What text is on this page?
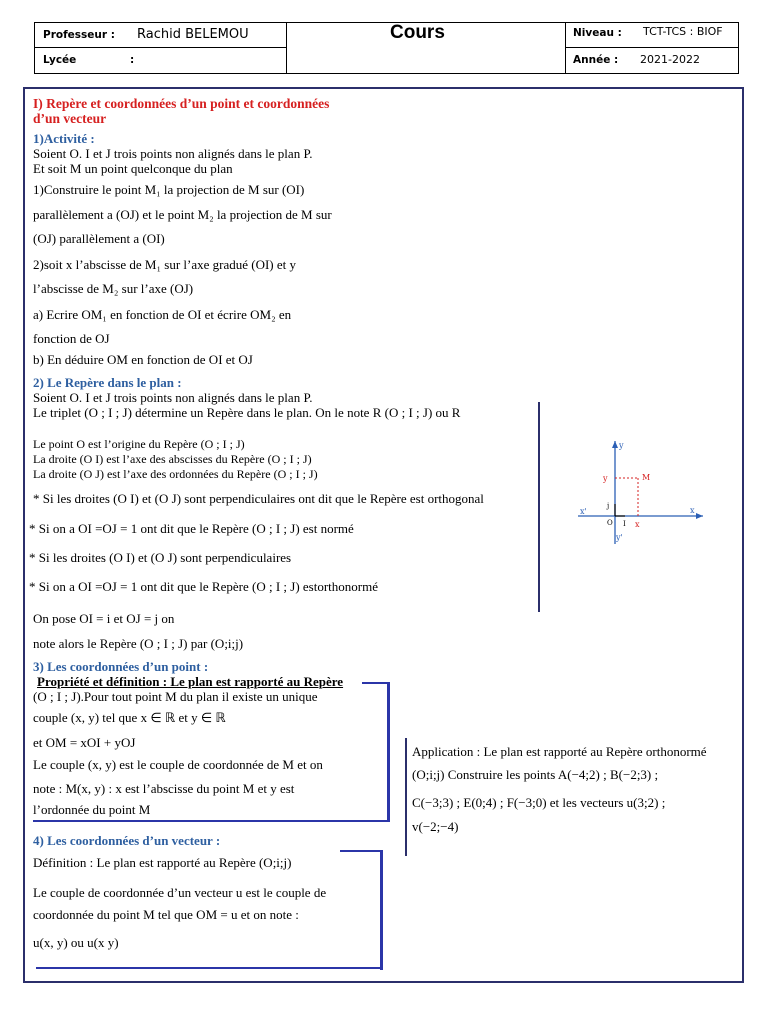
Professeur : Rachid BELEMOU
Lycée	:
Cours	Niveau : TCT-TCS : BIOF
Année : 2021-2022
I) Repère et coordonnées d’un point et coordonnées
d’un vecteur
1)Activité :
Soient O. I et J trois points non alignés dans le plan P.
Et soit M un point quelconque du plan
1)Construire le point M₁ la projection de M sur (OI)
parallèlement a (OJ) et le point M₂ la projection de M sur
(OJ) parallèlement a (OI)
2)soit x l’abscisse de M₁ sur l’axe gradué (OI) et y
l’abscisse de M₂ sur l’axe (OJ)
a) Ecrire OM₁ en fonction de OI et écrire OM₂ en
fonction de OJ
b) En déduire OM en fonction de OI et OJ
2) Le Repère dans le plan :
Soient O. I et J trois points non alignés dans le plan P.
Le triplet (O ; I ; J) détermine un Repère dans le plan. On le note R (O ; I ; J) ou R
Le point O est l’origine du Repère (O ; I ; J)
La droite (O I) est l’axe des abscisses du Repère (O ; I ; J)
La droite (O J) est l’axe des ordonnées du Repère (O ; I ; J)
* Si les droites (O I) et (O J) sont perpendiculaires ont dit que le Repère est orthogonal
* Si on a OI =OJ = 1 ont dit que le Repère (O ; I ; J) est normé
* Si les droites (O I) et (O J) sont perpendiculaires
* Si on a OI =OJ = 1 ont dit que le Repère (O ; I ; J) estorthonormé
On pose OI = i et OJ = j on
note alors le Repère (O ; I ; J) par (O;i;j)
y
M
y
j
O I x
x
x'
y'
3) Les coordonnées d’un point :
Propriété et définition : Le plan est rapporté au Repère
(O ; I ; J).Pour tout point M du plan il existe un unique
couple (x, y) tel que x ∈ ℝ et y ∈ ℝ
et OM = xOI + yOJ
Le couple (x, y) est le couple de coordonnée de M et on
note : M(x, y) : x est l’abscisse du point M et y est
l’ordonnée du point M
Application : Le plan est rapporté au Repère orthonormé
(O;i;j) Construire les points A(−4;2) ; B(−2;3) ;
C(−3;3) ; E(0;4) ; F(−3;0) et les vecteurs u(3;2) ;
v(−2;−4)
4) Les coordonnées d’un vecteur :
Définition : Le plan est rapporté au Repère (O;i;j)
Le couple de coordonnée d’un vecteur u est le couple de
coordonnée du point M tel que OM = u et on note :
u(x, y) ou u(x y)
